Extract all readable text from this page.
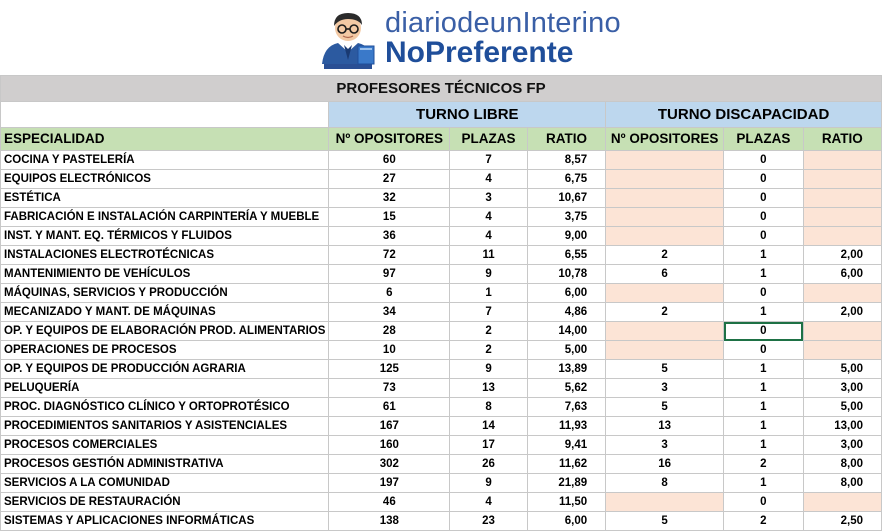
diariodeunInterino
NoPreferente
PROFESORES TÉCNICOS FP						
	TURNO LIBRE			TURNO DISCAPACIDAD		
ESPECIALIDAD	Nº OPOSITORES	PLAZAS	RATIO	Nº OPOSITORES	PLAZAS	RATIO
COCINA Y PASTELERÍA	60	7	8,57		0	
EQUIPOS ELECTRÓNICOS	27	4	6,75		0	
ESTÉTICA	32	3	10,67		0	
FABRICACIÓN E INSTALACIÓN CARPINTERÍA Y MUEBLE	15	4	3,75		0	
INST. Y MANT. EQ. TÉRMICOS Y FLUIDOS	36	4	9,00		0	
INSTALACIONES ELECTROTÉCNICAS	72	11	6,55	2	1	2,00
MANTENIMIENTO DE VEHÍCULOS	97	9	10,78	6	1	6,00
MÁQUINAS, SERVICIOS Y PRODUCCIÓN	6	1	6,00		0	
MECANIZADO Y MANT. DE MÁQUINAS	34	7	4,86	2	1	2,00
OP. Y EQUIPOS DE ELABORACIÓN PROD. ALIMENTARIOS	28	2	14,00		0	
OPERACIONES DE PROCESOS	10	2	5,00		0	
OP. Y EQUIPOS DE PRODUCCIÓN AGRARIA	125	9	13,89	5	1	5,00
PELUQUERÍA	73	13	5,62	3	1	3,00
PROC. DIAGNÓSTICO CLÍNICO Y ORTOPROTÉSICO	61	8	7,63	5	1	5,00
PROCEDIMIENTOS SANITARIOS Y ASISTENCIALES	167	14	11,93	13	1	13,00
PROCESOS COMERCIALES	160	17	9,41	3	1	3,00
PROCESOS GESTIÓN ADMINISTRATIVA	302	26	11,62	16	2	8,00
SERVICIOS A LA COMUNIDAD	197	9	21,89	8	1	8,00
SERVICIOS DE RESTAURACIÓN	46	4	11,50		0	
SISTEMAS Y APLICACIONES INFORMÁTICAS	138	23	6,00	5	2	2,50
